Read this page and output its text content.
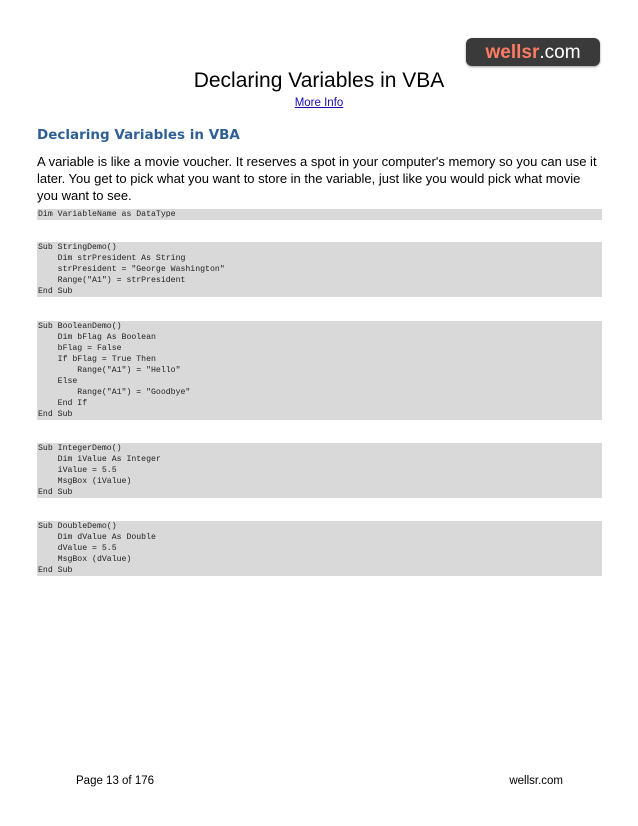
wellsr .com
Declaring Variables in VBA
More Info
Declaring Variables in VBA

A variable is like a movie voucher. It reserves a spot in your computer's memory so you can use it later. You get to pick what you want to store in the variable, just like you would pick what movie you want to see.

Dim VariableName as DataType
Sub StringDemo()
Dim strPresident As String
strPresident = "George Washington"
Range("A1") = strPresident
End Sub
Sub BooleanDemo()
Dim bFlag As Boolean
bFlag = False
If bFlag = True Then
Range("A1") = "Hello"
Else
Range("A1") = "Goodbye"
End If
End Sub
Sub IntegerDemo()
Dim iValue As Integer
iValue = 5.5
MsgBox (iValue)
End Sub
Sub DoubleDemo()
Dim dValue As Double
dValue = 5.5
MsgBox (dValue)
End Sub
Page 13 of 176	wellsr.com
